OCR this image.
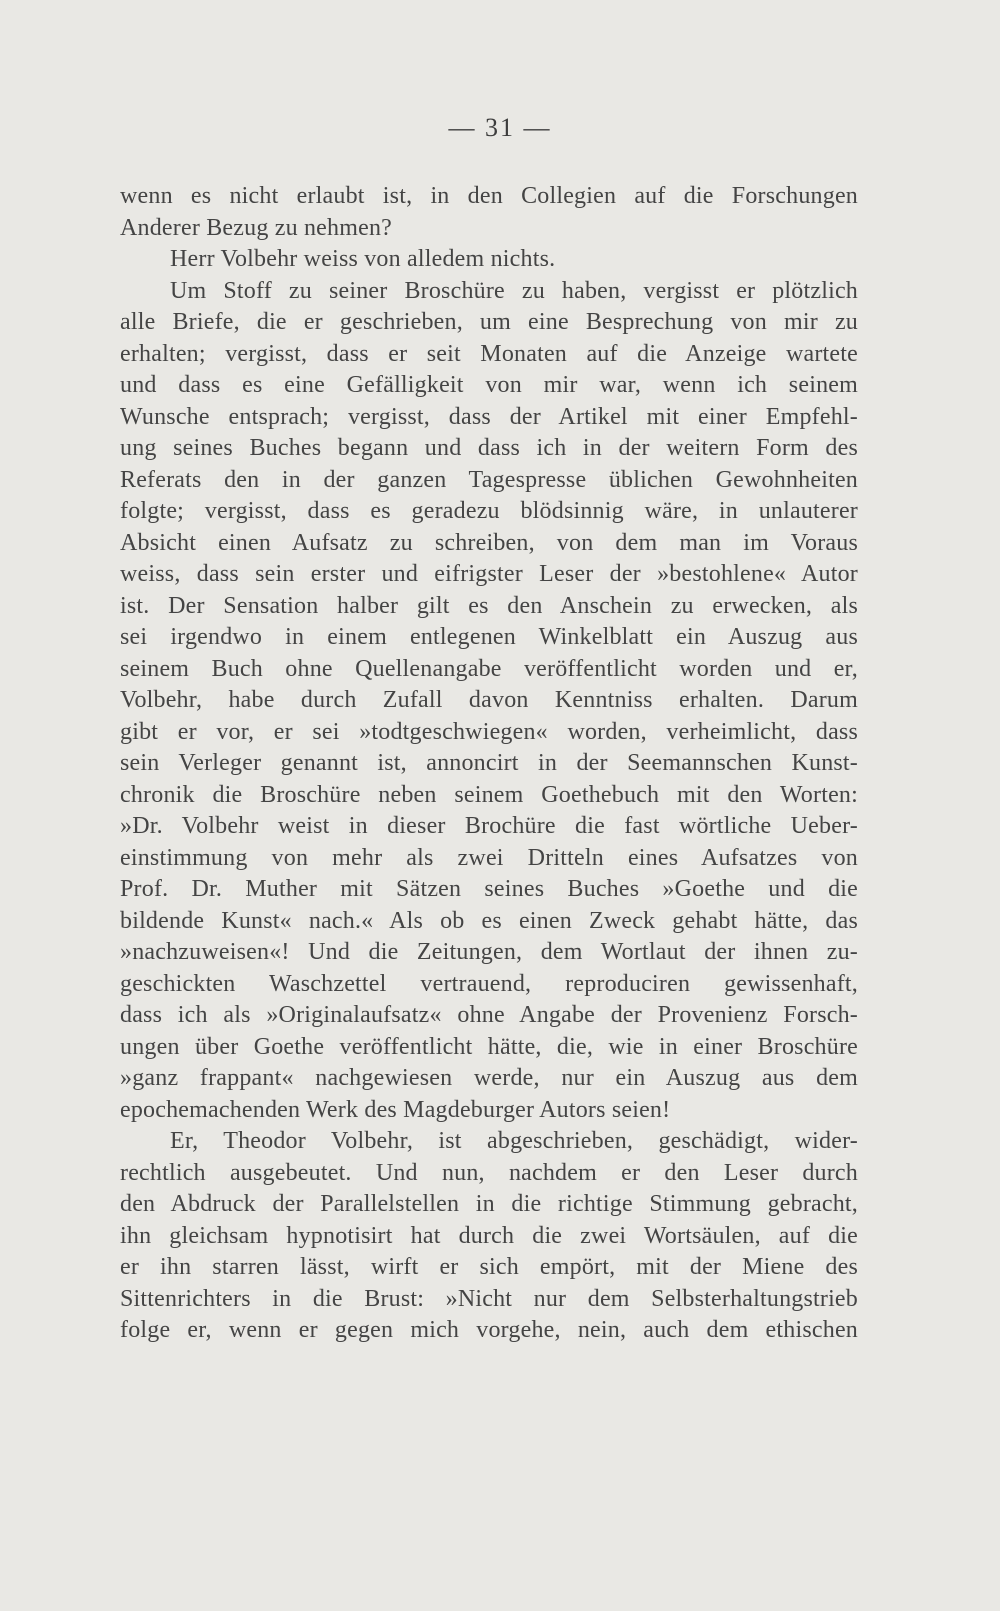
— 31 —
wenn es nicht erlaubt ist, in den Collegien auf die Forschungen
Anderer Bezug zu nehmen?
Herr Volbehr weiss von alledem nichts.
Um Stoff zu seiner Broschüre zu haben, vergisst er plötzlich
alle Briefe, die er geschrieben, um eine Besprechung von mir zu
erhalten; vergisst, dass er seit Monaten auf die Anzeige wartete
und dass es eine Gefälligkeit von mir war, wenn ich seinem
Wunsche entsprach; vergisst, dass der Artikel mit einer Empfehl-
ung seines Buches begann und dass ich in der weitern Form des
Referats den in der ganzen Tagespresse üblichen Gewohnheiten
folgte; vergisst, dass es geradezu blödsinnig wäre, in unlauterer
Absicht einen Aufsatz zu schreiben, von dem man im Voraus
weiss, dass sein erster und eifrigster Leser der »bestohlene« Autor
ist. Der Sensation halber gilt es den Anschein zu erwecken, als
sei irgendwo in einem entlegenen Winkelblatt ein Auszug aus
seinem Buch ohne Quellenangabe veröffentlicht worden und er,
Volbehr, habe durch Zufall davon Kenntniss erhalten. Darum
gibt er vor, er sei »todtgeschwiegen« worden, verheimlicht, dass
sein Verleger genannt ist, annoncirt in der Seemannschen Kunst-
chronik die Broschüre neben seinem Goethebuch mit den Worten:
»Dr. Volbehr weist in dieser Brochüre die fast wörtliche Ueber-
einstimmung von mehr als zwei Dritteln eines Aufsatzes von
Prof. Dr. Muther mit Sätzen seines Buches »Goethe und die
bildende Kunst« nach.« Als ob es einen Zweck gehabt hätte, das
»nachzuweisen«! Und die Zeitungen, dem Wortlaut der ihnen zu-
geschickten Waschzettel vertrauend, reproduciren gewissenhaft,
dass ich als »Originalaufsatz« ohne Angabe der Provenienz Forsch-
ungen über Goethe veröffentlicht hätte, die, wie in einer Broschüre
»ganz frappant« nachgewiesen werde, nur ein Auszug aus dem
epochemachenden Werk des Magdeburger Autors seien!
Er, Theodor Volbehr, ist abgeschrieben, geschädigt, wider-
rechtlich ausgebeutet. Und nun, nachdem er den Leser durch
den Abdruck der Parallelstellen in die richtige Stimmung gebracht,
ihn gleichsam hypnotisirt hat durch die zwei Wortsäulen, auf die
er ihn starren lässt, wirft er sich empört, mit der Miene des
Sittenrichters in die Brust: »Nicht nur dem Selbsterhaltungstrieb
folge er, wenn er gegen mich vorgehe, nein, auch dem ethischen
